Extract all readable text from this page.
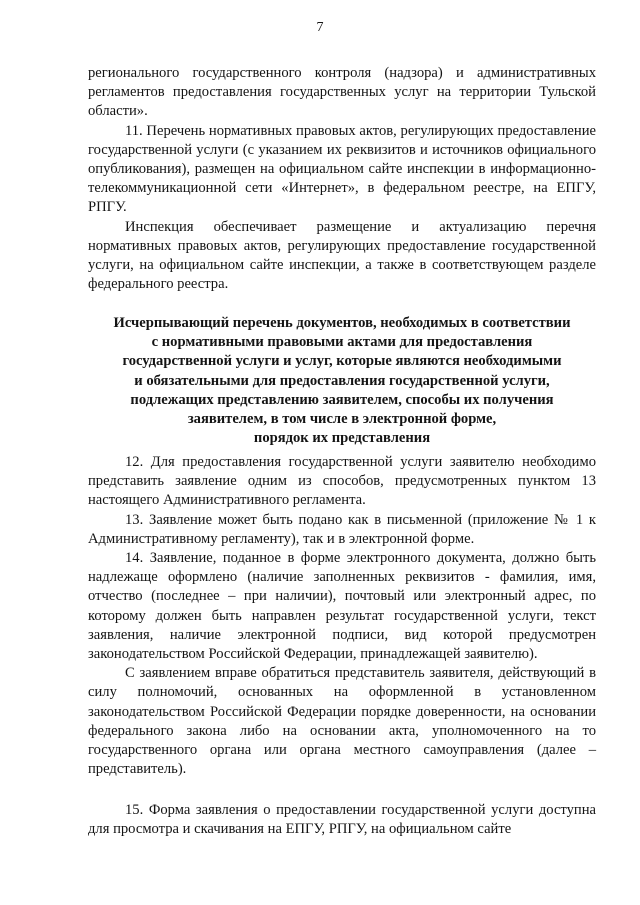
7

регионального государственного контроля (надзора) и административных регламентов предоставления государственных услуг на территории Тульской области».

11. Перечень нормативных правовых актов, регулирующих предоставление государственной услуги (с указанием их реквизитов и источников официального опубликования), размещен на официальном сайте инспекции в информационно-телекоммуникационной сети «Интернет», в федеральном реестре, на ЕПГУ, РПГУ.

Инспекция обеспечивает размещение и актуализацию перечня нормативных правовых актов, регулирующих предоставление государственной услуги, на официальном сайте инспекции, а также в соответствующем разделе федерального реестра.

Исчерпывающий перечень документов, необходимых в соответствии
с нормативными правовыми актами для предоставления
государственной услуги и услуг, которые являются необходимыми
и обязательными для предоставления государственной услуги,
подлежащих представлению заявителем, способы их получения
заявителем, в том числе в электронной форме,
порядок их представления

12. Для предоставления государственной услуги заявителю необходимо представить заявление одним из способов, предусмотренных пунктом 13 настоящего Административного регламента.

13. Заявление может быть подано как в письменной (приложение № 1 к Административному регламенту), так и в электронной форме.

14. Заявление, поданное в форме электронного документа, должно быть надлежаще оформлено (наличие заполненных реквизитов - фамилия, имя, отчество (последнее – при наличии), почтовый или электронный адрес, по которому должен быть направлен результат государственной услуги, текст заявления, наличие электронной подписи, вид которой предусмотрен законодательством Российской Федерации, принадлежащей заявителю).

С заявлением вправе обратиться представитель заявителя, действующий в силу полномочий, основанных на оформленной в установленном законодательством Российской Федерации порядке доверенности, на основании федерального закона либо на основании акта, уполномоченного на то государственного органа или органа местного самоуправления (далее – представитель).

15. Форма заявления о предоставлении государственной услуги доступна для просмотра и скачивания на ЕПГУ, РПГУ, на официальном сайте
